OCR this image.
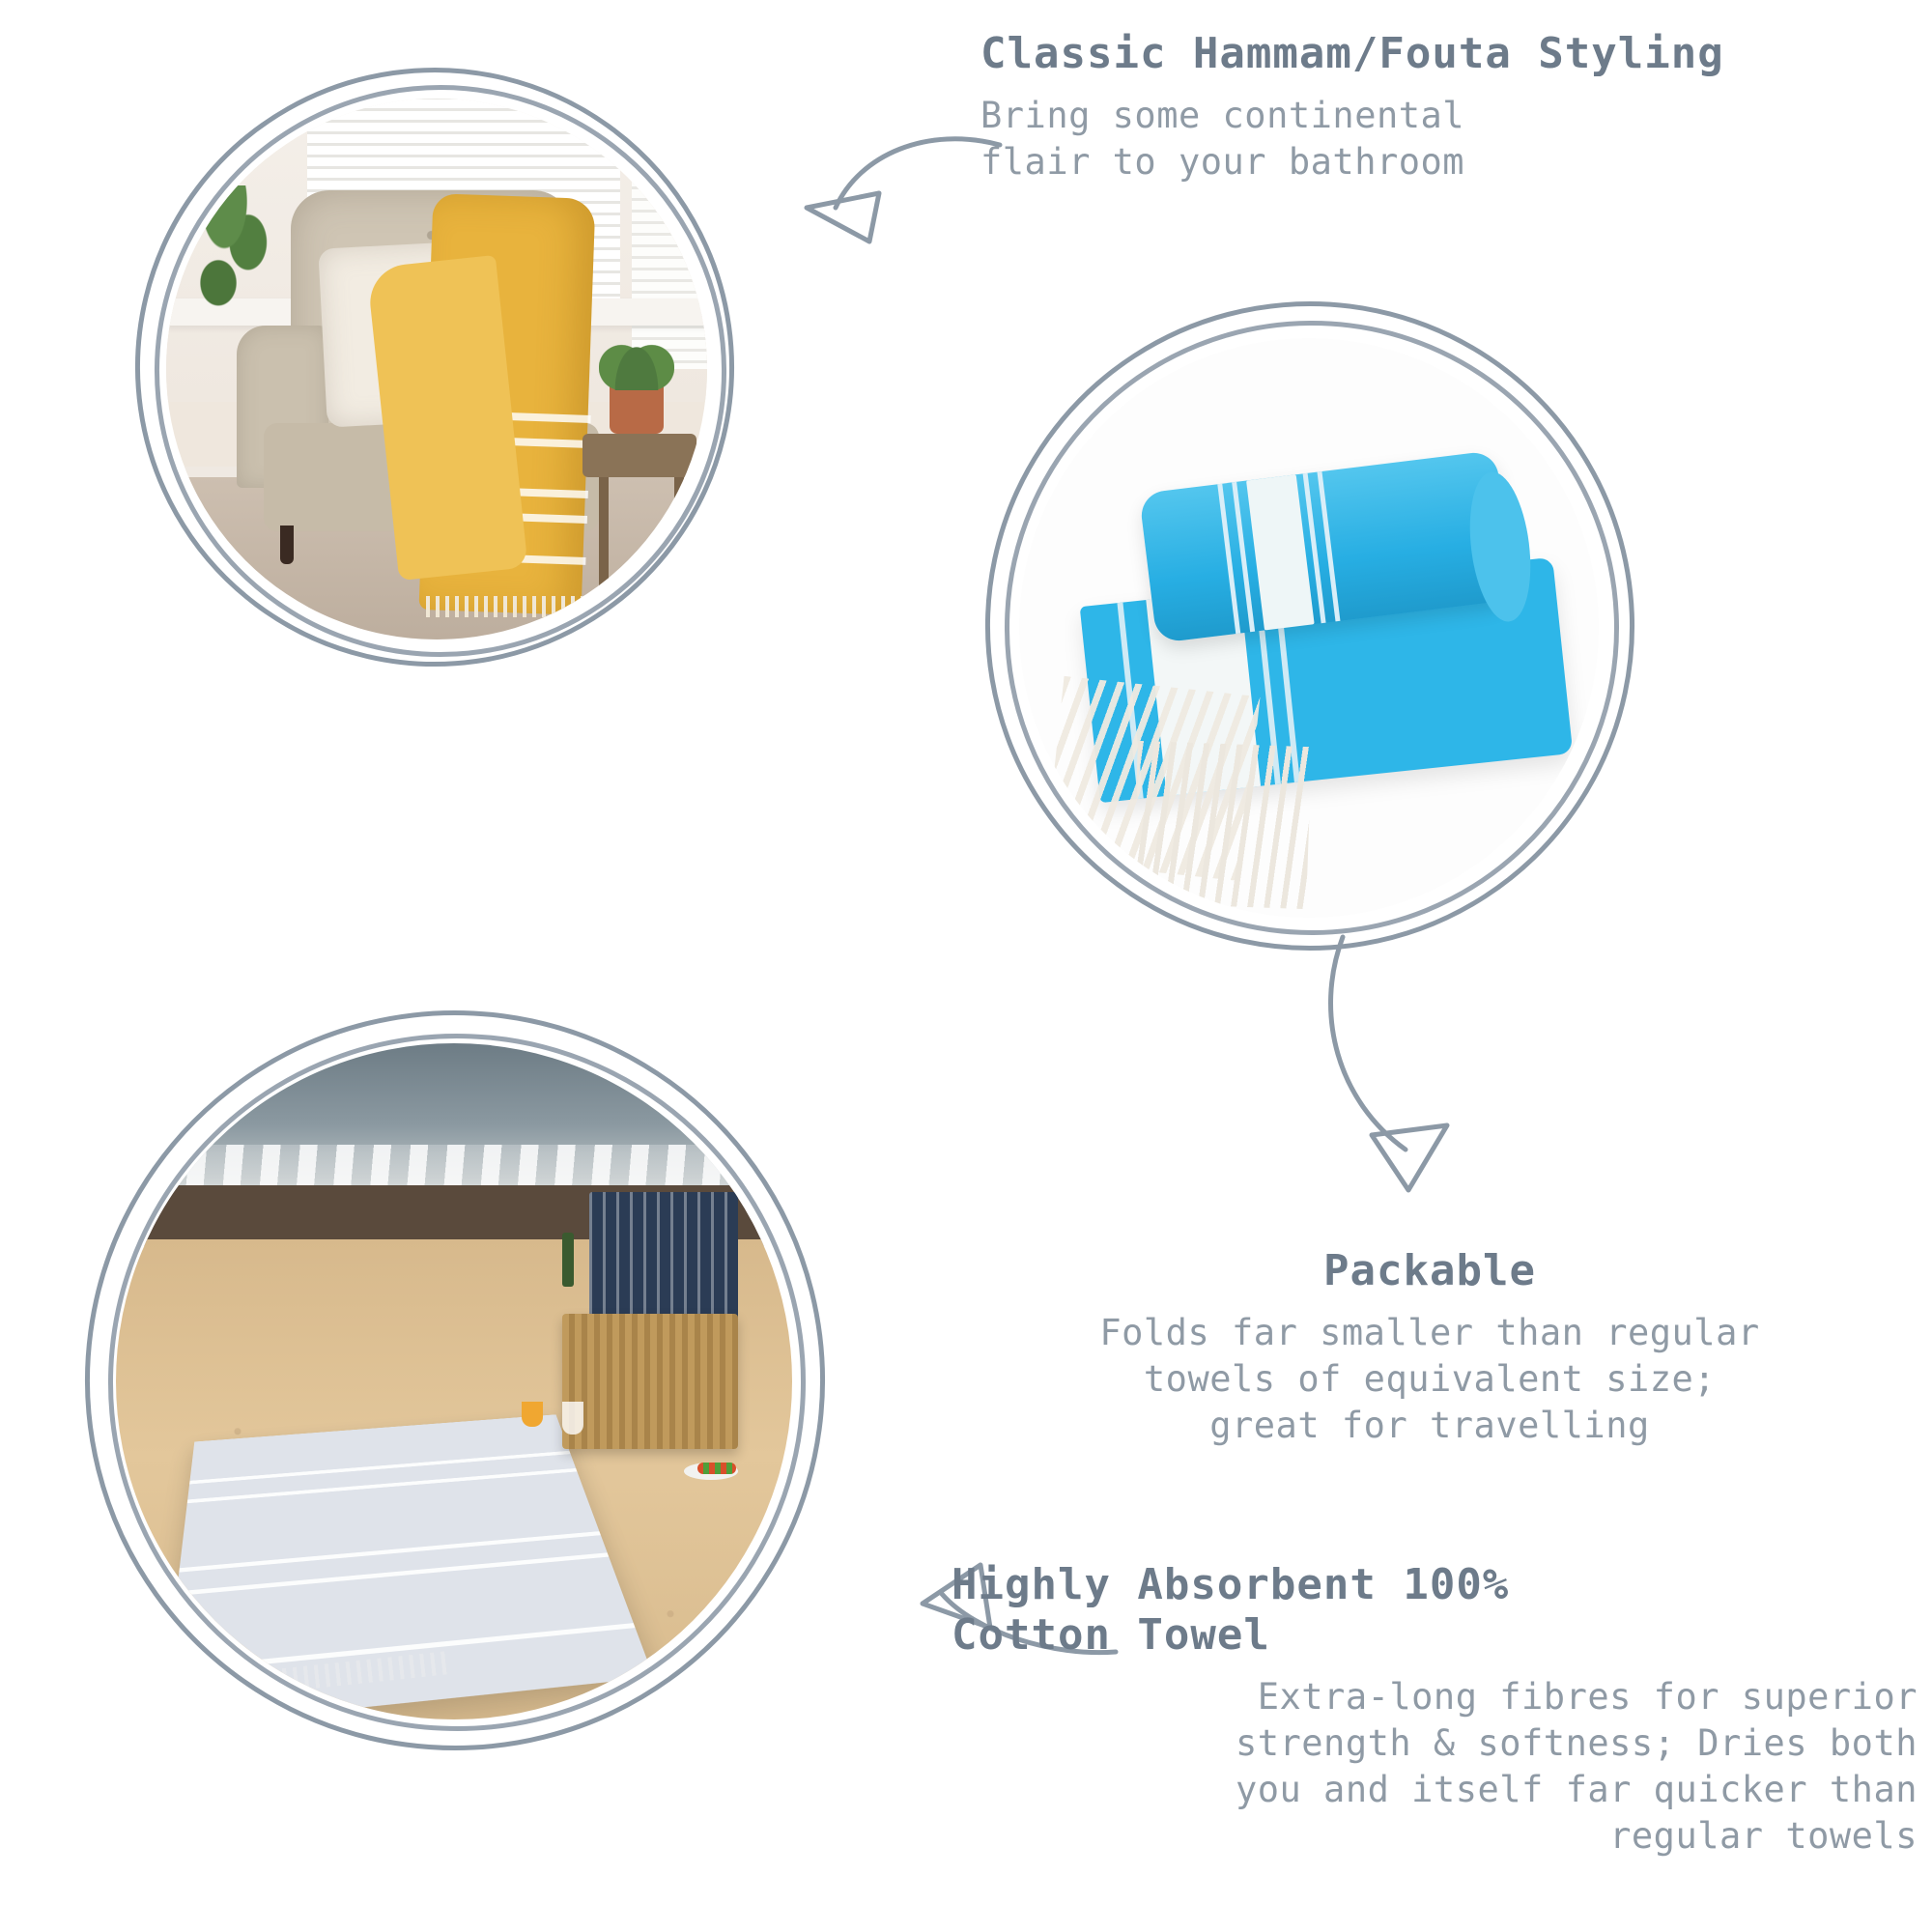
Classic Hammam/Fouta Styling
Bring some continental
flair to your bathroom
Packable
Folds far smaller than regular
towels of equivalent size;
great for travelling
Highly Absorbent 100%
Cotton Towel
Extra-long fibres for superior
strength & softness; Dries both
you and itself far quicker than
regular towels
